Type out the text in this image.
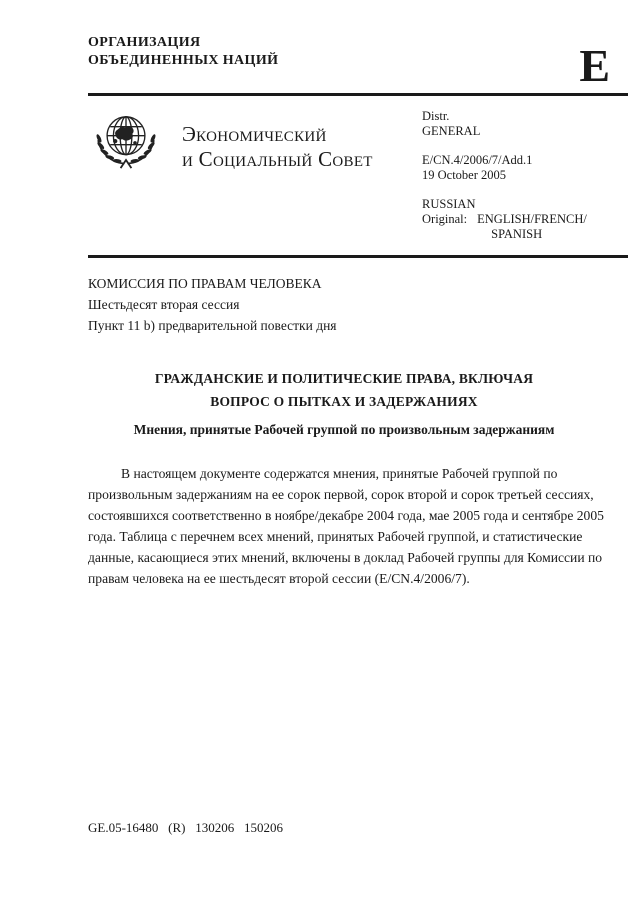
ОРГАНИЗАЦИЯ
ОБЪЕДИНЕННЫХ НАЦИЙ	E
Экономический
и Социальный Совет
Distr.
GENERAL
E/CN.4/2006/7/Add.1
19 October 2005
RUSSIAN
Original: ENGLISH/FRENCH/
SPANISH
КОМИССИЯ ПО ПРАВАМ ЧЕЛОВЕКА
Шестьдесят вторая сессия
Пункт 11 b) предварительной повестки дня
ГРАЖДАНСКИЕ И ПОЛИТИЧЕСКИЕ ПРАВА, ВКЛЮЧАЯ
ВОПРОС О ПЫТКАХ И ЗАДЕРЖАНИЯХ
Мнения, принятые Рабочей группой по произвольным задержаниям
В настоящем документе содержатся мнения, принятые Рабочей группой по произвольным задержаниям на ее сорок первой, сорок второй и сорок третьей сессиях, состоявшихся соответственно в ноябре/декабре 2004 года, мае 2005 года и сентябре 2005 года. Таблица с перечнем всех мнений, принятых Рабочей группой, и статистические данные, касающиеся этих мнений, включены в доклад Рабочей группы для Комиссии по правам человека на ее шестьдесят второй сессии (E/CN.4/2006/7).
GE.05-16480   (R)   130206   150206
